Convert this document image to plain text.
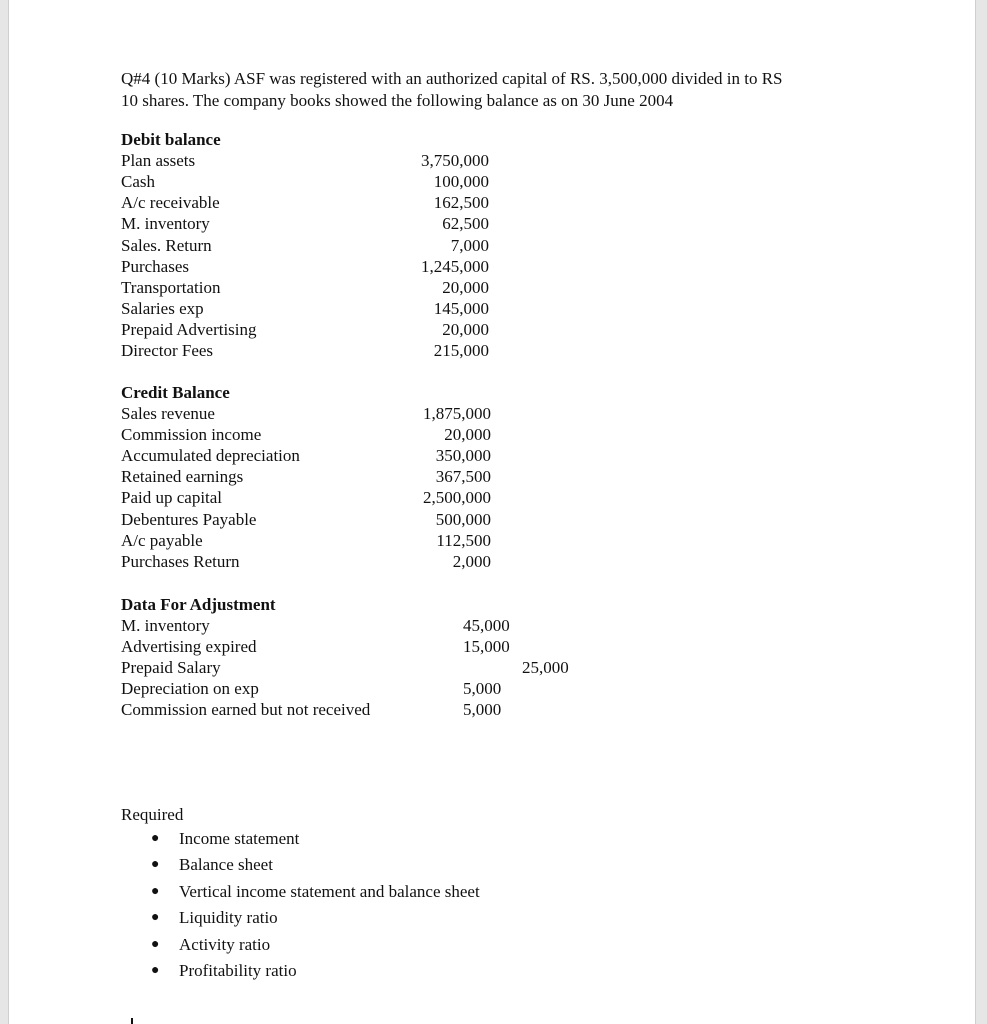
Q#4 (10 Marks) ASF was registered with an authorized capital of RS. 3,500,000 divided in to RS
10 shares. The company books showed the following balance as on 30 June 2004
Debit balance
Plan assets	3,750,000
Cash	100,000
A/c receivable	162,500
M. inventory	62,500
Sales. Return	7,000
Purchases	1,245,000
Transportation	20,000
Salaries exp	145,000
Prepaid Advertising	20,000
Director Fees	215,000
Credit Balance
Sales revenue	1,875,000
Commission income	20,000
Accumulated depreciation	350,000
Retained earnings	367,500
Paid up capital	2,500,000
Debentures Payable	500,000
A/c payable	112,500
Purchases Return	2,000
Data For Adjustment
M. inventory	45,000
Advertising expired	15,000
Prepaid Salary	25,000
Depreciation on exp	5,000
Commission earned but not received	5,000
Required
● Income statement
● Balance sheet
● Vertical income statement and balance sheet
● Liquidity ratio
● Activity ratio
● Profitability ratio
